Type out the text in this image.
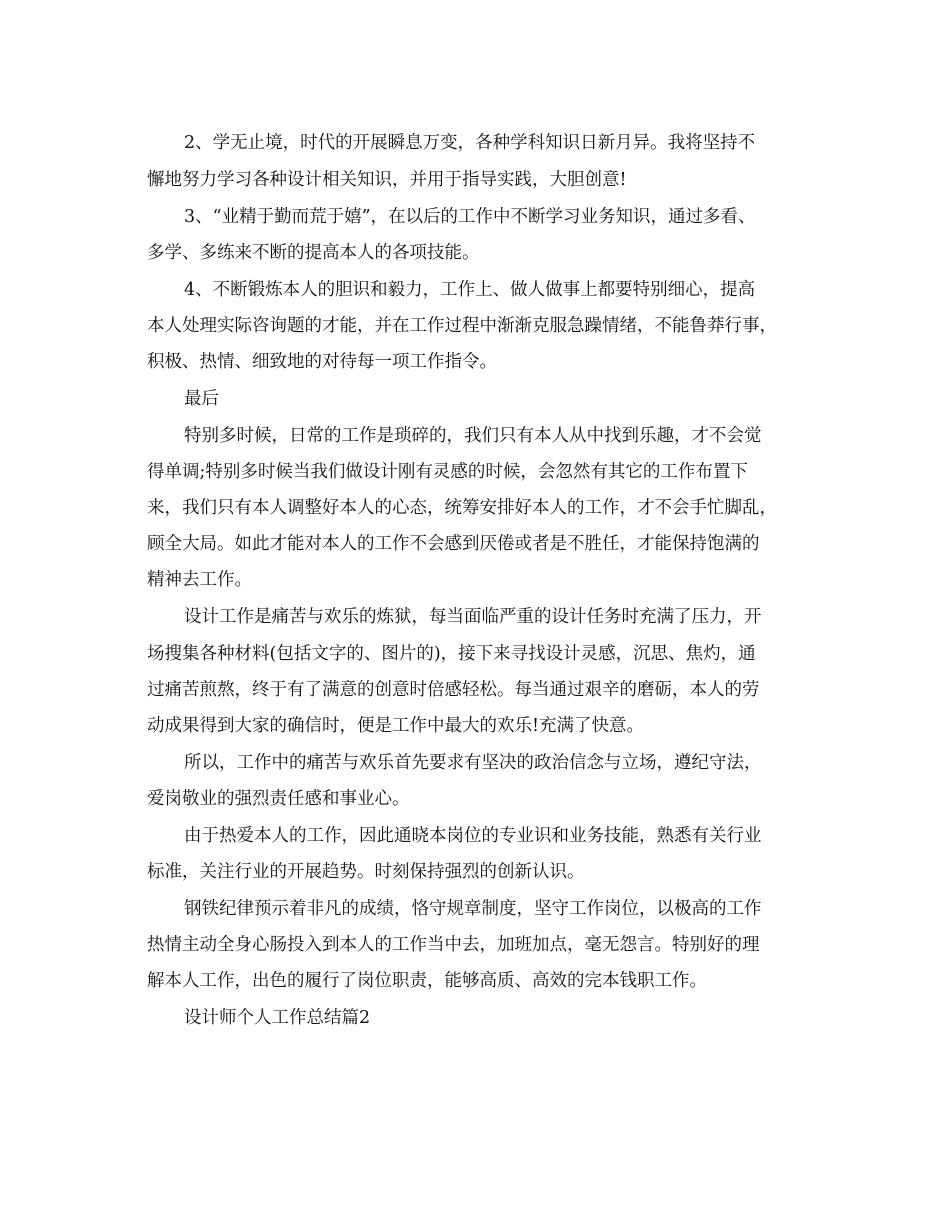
2、学无止境，时代的开展瞬息万变，各种学科知识日新月异。我将坚持不
懈地努力学习各种设计相关知识，并用于指导实践，大胆创意!
3、“业精于勤而荒于嬉”，在以后的工作中不断学习业务知识，通过多看、
多学、多练来不断的提高本人的各项技能。
4、不断锻炼本人的胆识和毅力，工作上、做人做事上都要特别细心，提高
本人处理实际咨询题的才能，并在工作过程中渐渐克服急躁情绪，不能鲁莽行事，
积极、热情、细致地的对待每一项工作指令。
最后
特别多时候，日常的工作是琐碎的，我们只有本人从中找到乐趣，才不会觉
得单调;特别多时候当我们做设计刚有灵感的时候，会忽然有其它的工作布置下
来，我们只有本人调整好本人的心态，统筹安排好本人的工作，才不会手忙脚乱，
顾全大局。如此才能对本人的工作不会感到厌倦或者是不胜任，才能保持饱满的
精神去工作。
设计工作是痛苦与欢乐的炼狱，每当面临严重的设计任务时充满了压力，开
场搜集各种材料(包括文字的、图片的)，接下来寻找设计灵感，沉思、焦灼，通
过痛苦煎熬，终于有了满意的创意时倍感轻松。每当通过艰辛的磨砺，本人的劳
动成果得到大家的确信时，便是工作中最大的欢乐!充满了快意。
所以，工作中的痛苦与欢乐首先要求有坚决的政治信念与立场，遵纪守法，
爱岗敬业的强烈责任感和事业心。
由于热爱本人的工作，因此通晓本岗位的专业识和业务技能，熟悉有关行业
标准，关注行业的开展趋势。时刻保持强烈的创新认识。
钢铁纪律预示着非凡的成绩，恪守规章制度，坚守工作岗位，以极高的工作
热情主动全身心肠投入到本人的工作当中去，加班加点，毫无怨言。特别好的理
解本人工作，出色的履行了岗位职责，能够高质、高效的完本钱职工作。
设计师个人工作总结篇2
